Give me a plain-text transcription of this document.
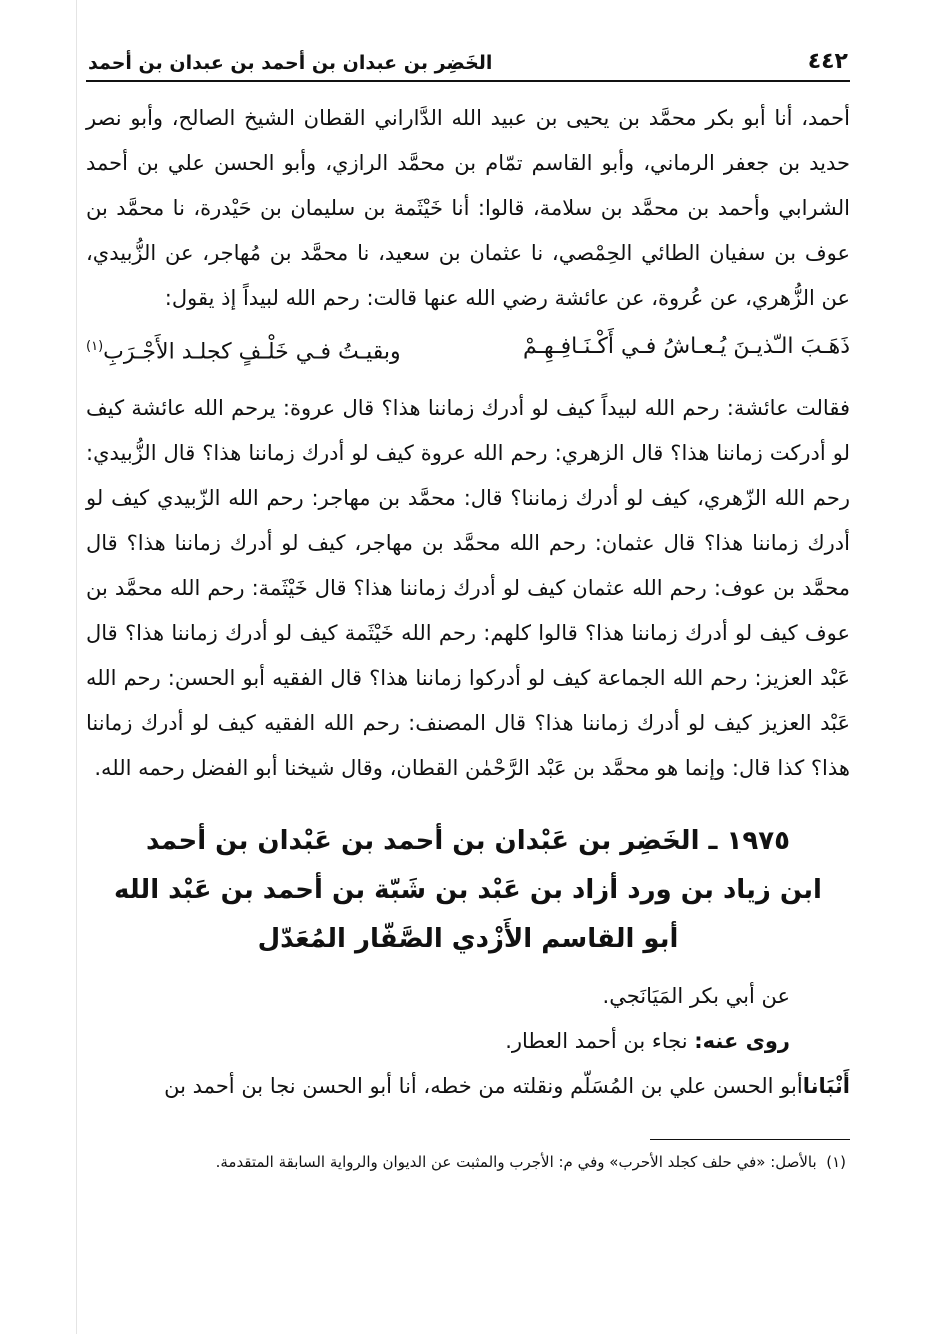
٤٤٢
الخَضِر بن عبدان بن أحمد بن عبدان بن أحمد

أحمد، أنا أبو بكر محمَّد بن يحيى بن عبيد الله الدَّاراني القطان الشيخ الصالح، وأبو نصر حديد بن جعفر الرماني، وأبو القاسم تمّام بن محمَّد الرازي، وأبو الحسن علي بن أحمد الشرابي وأحمد بن محمَّد بن سلامة، قالوا: أنا خَيْثَمة بن سليمان بن حَيْدرة، نا محمَّد بن عوف بن سفيان الطائي الحِمْصي، نا عثمان بن سعيد، نا محمَّد بن مُهاجر، عن الزُّبيدي، عن الزُّهري، عن عُروة، عن عائشة رضي الله عنها قالت: رحم الله لبيداً إذ يقول:

ذَهَـبَ الـّذيـنَ يُـعـاشُ فـي أَكْـنَـافِـهِـمْ
وبقيـتُ فـي خَلْـفٍ كجلـد الأَجْـرَبِ$^{(١)}$

فقالت عائشة: رحم الله لبيداً كيف لو أدرك زماننا هذا؟ قال عروة: يرحم الله عائشة كيف لو أدركت زماننا هذا؟ قال الزهري: رحم الله عروة كيف لو أدرك زماننا هذا؟ قال الزُّبيدي: رحم الله الزّهري، كيف لو أدرك زماننا؟ قال: محمَّد بن مهاجر: رحم الله الزّبيدي كيف لو أدرك زماننا هذا؟ قال عثمان: رحم الله محمَّد بن مهاجر، كيف لو أدرك زماننا هذا؟ قال محمَّد بن عوف: رحم الله عثمان كيف لو أدرك زماننا هذا؟ قال خَيْثَمة: رحم الله محمَّد بن عوف كيف لو أدرك زماننا هذا؟ قالوا كلهم: رحم الله خَيْثَمة كيف لو أدرك زماننا هذا؟ قال عَبْد العزيز: رحم الله الجماعة كيف لو أدركوا زماننا هذا؟ قال الفقيه أبو الحسن: رحم الله عَبْد العزيز كيف لو أدرك زماننا هذا؟ قال المصنف: رحم الله الفقيه كيف لو أدرك زماننا هذا؟ كذا قال: وإنما هو محمَّد بن عَبْد الرَّحْمٰن القطان، وقال شيخنا أبو الفضل رحمه الله.

١٩٧٥ ـ الخَضِر بن عَبْدان بن أحمد بن عَبْدان بن أحمد

ابن زياد بن ورد أزاد بن عَبْد بن شَبّة بن أحمد بن عَبْد الله

أبو القاسم الأَزْدي الصَّفّار المُعَدّل

عن أبي بكر المَيَانَجي.

روى عنه: نجاء بن أحمد العطار.

أَنْبَاناأبو الحسن علي بن المُسَلّم ونقلته من خطه، أنا أبو الحسن نجا بن أحمد بن

(١)  بالأصل: «في حلف كجلد الأحرب» وفي م: الأجرب والمثبت عن الديوان والرواية السابقة المتقدمة.
